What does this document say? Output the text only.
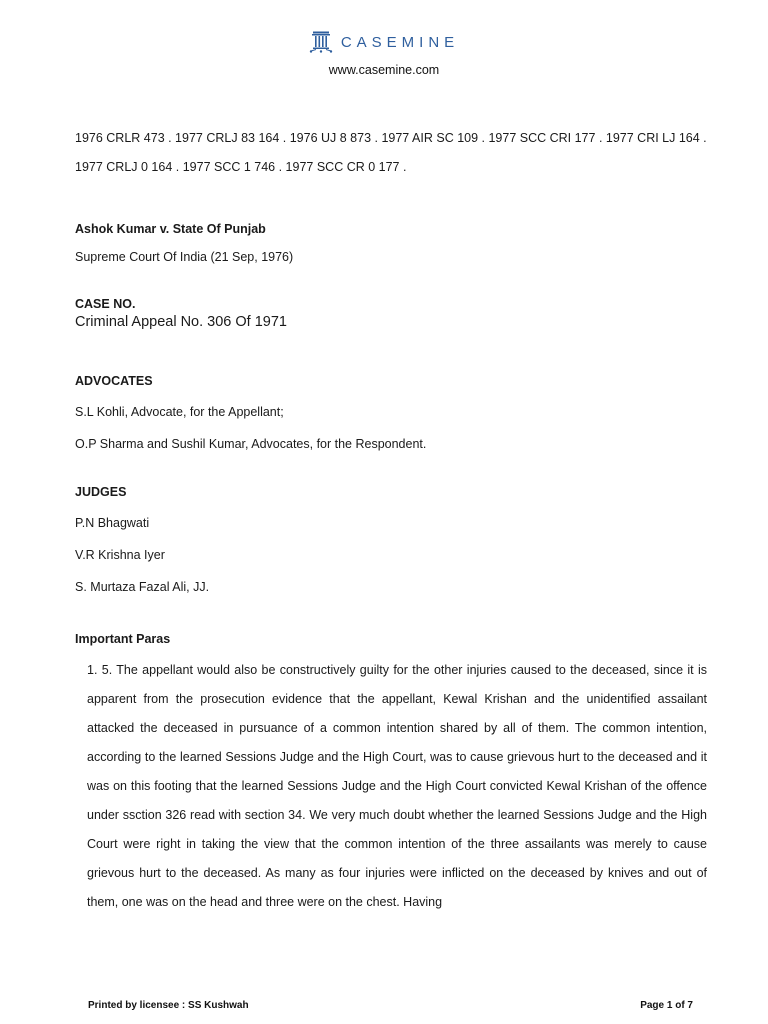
CASEMINE
www.casemine.com

1976 CRLR 473 . 1977 CRLJ 83 164 . 1976 UJ 8 873 . 1977 AIR SC 109 . 1977 SCC CRI 177 . 1977 CRI LJ 164 . 1977 CRLJ 0 164 . 1977 SCC 1 746 . 1977 SCC CR 0 177 .

Ashok Kumar v. State Of Punjab
Supreme Court Of India (21 Sep, 1976)
CASE NO.
Criminal Appeal No. 306 Of 1971
ADVOCATES
S.L Kohli, Advocate, for the Appellant;
O.P Sharma and Sushil Kumar, Advocates, for the Respondent.
JUDGES
P.N Bhagwati
V.R Krishna Iyer
S. Murtaza Fazal Ali, JJ.
Important Paras
1. 5. The appellant would also be constructively guilty for the other injuries caused to the deceased, since it is apparent from the prosecution evidence that the appellant, Kewal Krishan and the unidentified assailant attacked the deceased in pursuance of a common intention shared by all of them. The common intention, according to the learned Sessions Judge and the High Court, was to cause grievous hurt to the deceased and it was on this footing that the learned Sessions Judge and the High Court convicted Kewal Krishan of the offence under ssction 326 read with section 34. We very much doubt whether the learned Sessions Judge and the High Court were right in taking the view that the common intention of the three assailants was merely to cause grievous hurt to the deceased. As many as four injuries were inflicted on the deceased by knives and out of them, one was on the head and three were on the chest. Having
Printed by licensee : SS Kushwah	Page 1 of 7
